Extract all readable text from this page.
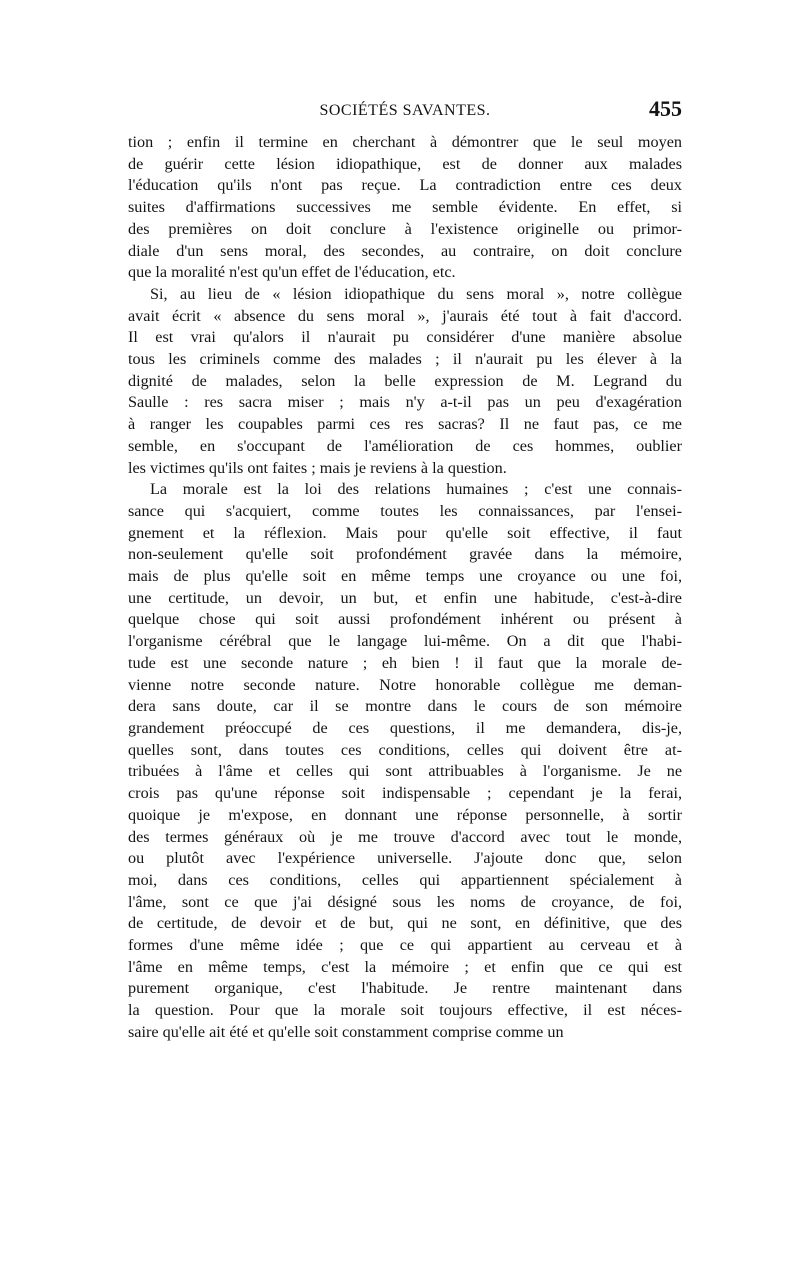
SOCIÉTÉS SAVANTES.	455
tion ; enfin il termine en cherchant à démontrer que le seul moyen
de guérir cette lésion idiopathique, est de donner aux malades
l'éducation qu'ils n'ont pas reçue. La contradiction entre ces deux
suites d'affirmations successives me semble évidente. En effet, si
des premières on doit conclure à l'existence originelle ou primor-
diale d'un sens moral, des secondes, au contraire, on doit conclure
que la moralité n'est qu'un effet de l'éducation, etc.
Si, au lieu de « lésion idiopathique du sens moral », notre collègue
avait écrit « absence du sens moral », j'aurais été tout à fait d'accord.
Il est vrai qu'alors il n'aurait pu considérer d'une manière absolue
tous les criminels comme des malades ; il n'aurait pu les élever à la
dignité de malades, selon la belle expression de M. Legrand du
Saulle : res sacra miser ; mais n'y a-t-il pas un peu d'exagération
à ranger les coupables parmi ces res sacras? Il ne faut pas, ce me
semble, en s'occupant de l'amélioration de ces hommes, oublier
les victimes qu'ils ont faites ; mais je reviens à la question.
La morale est la loi des relations humaines ; c'est une connais-
sance qui s'acquiert, comme toutes les connaissances, par l'ensei-
gnement et la réflexion. Mais pour qu'elle soit effective, il faut
non-seulement qu'elle soit profondément gravée dans la mémoire,
mais de plus qu'elle soit en même temps une croyance ou une foi,
une certitude, un devoir, un but, et enfin une habitude, c'est-à-dire
quelque chose qui soit aussi profondément inhérent ou présent à
l'organisme cérébral que le langage lui-même. On a dit que l'habi-
tude est une seconde nature ; eh bien ! il faut que la morale de-
vienne notre seconde nature. Notre honorable collègue me deman-
dera sans doute, car il se montre dans le cours de son mémoire
grandement préoccupé de ces questions, il me demandera, dis-je,
quelles sont, dans toutes ces conditions, celles qui doivent être at-
tribuées à l'âme et celles qui sont attribuables à l'organisme. Je ne
crois pas qu'une réponse soit indispensable ; cependant je la ferai,
quoique je m'expose, en donnant une réponse personnelle, à sortir
des termes généraux où je me trouve d'accord avec tout le monde,
ou plutôt avec l'expérience universelle. J'ajoute donc que, selon
moi, dans ces conditions, celles qui appartiennent spécialement à
l'âme, sont ce que j'ai désigné sous les noms de croyance, de foi,
de certitude, de devoir et de but, qui ne sont, en définitive, que des
formes d'une même idée ; que ce qui appartient au cerveau et à
l'âme en même temps, c'est la mémoire ; et enfin que ce qui est
purement organique, c'est l'habitude. Je rentre maintenant dans
la question. Pour que la morale soit toujours effective, il est néces-
saire qu'elle ait été et qu'elle soit constamment comprise comme un
